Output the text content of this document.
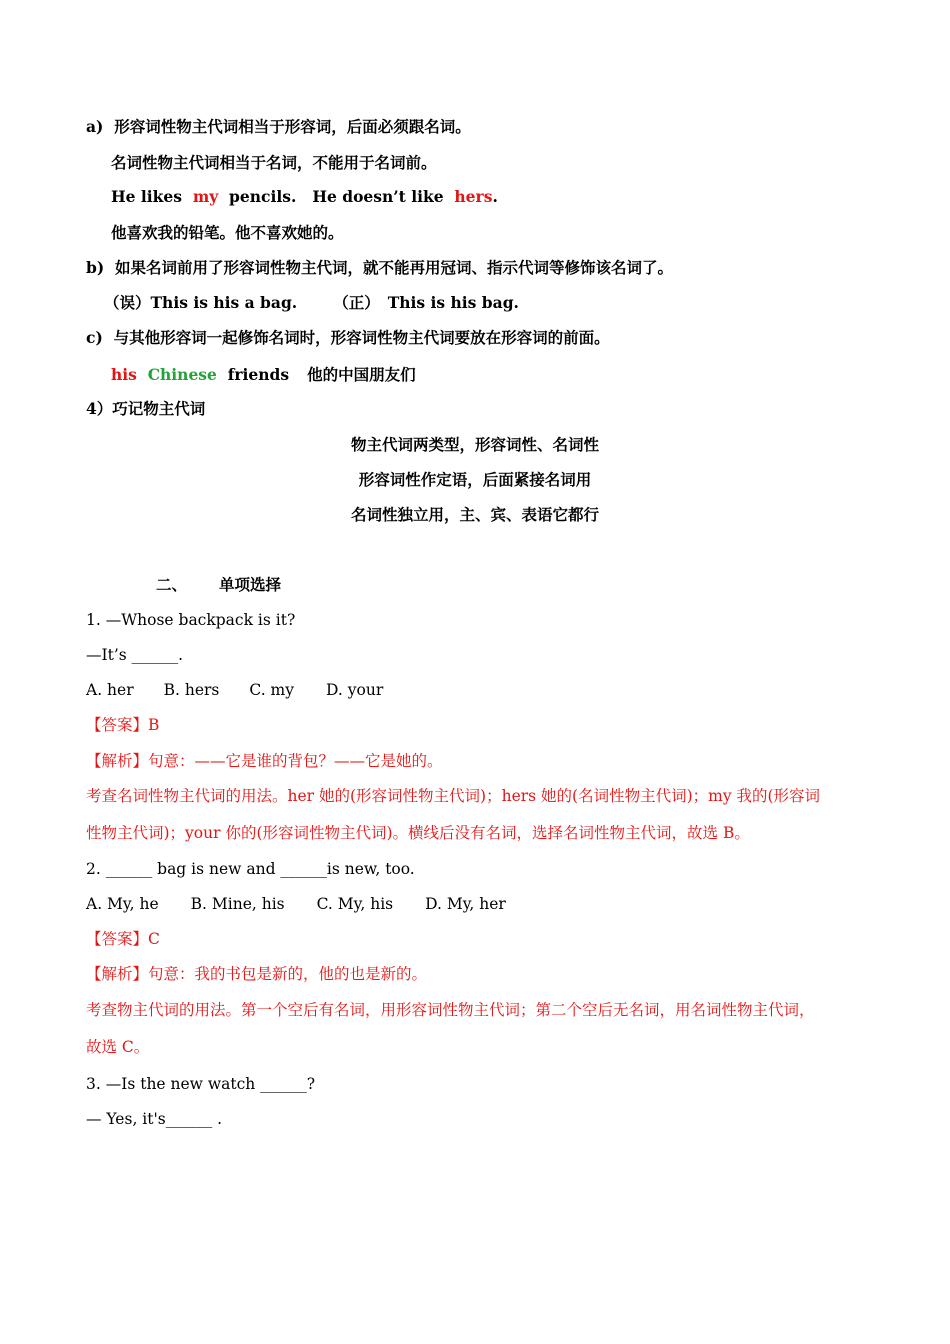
a) 形容词性物主代词相当于形容词，后面必须跟名词。
名词性物主代词相当于名词，不能用于名词前。
He likes my pencils. He doesn’t like hers.
他喜欢我的铅笔。他不喜欢她的。
b) 如果名词前用了形容词性物主代词，就不能再用冠词、指示代词等修饰该名词了。
（误）This is his a bag. （正） This is his bag.
c) 与其他形容词一起修饰名词时，形容词性物主代词要放在形容词的前面。
his Chinese friends 他的中国朋友们
4）巧记物主代词
物主代词两类型，形容词性、名词性
形容词性作定语，后面紧接名词用
名词性独立用，主、宾、表语它都行
二、 单项选择
1. —Whose backpack is it?
—It’s ______.
A. her B. hers C. my D. your
【答案】B
【解析】句意：——它是谁的背包？——它是她的。
考查名词性物主代词的用法。her 她的(形容词性物主代词)；hers 她的(名词性物主代词)；my 我的(形容词
性物主代词)；your 你的(形容词性物主代词)。横线后没有名词，选择名词性物主代词，故选 B。
2. ______ bag is new and ______is new, too.
A. My, he B. Mine, his C. My, his D. My, her
【答案】C
【解析】句意：我的书包是新的，他的也是新的。
考查物主代词的用法。第一个空后有名词，用形容词性物主代词；第二个空后无名词，用名词性物主代词，
故选 C。
3. —Is the new watch ______?
— Yes, it's______ .
